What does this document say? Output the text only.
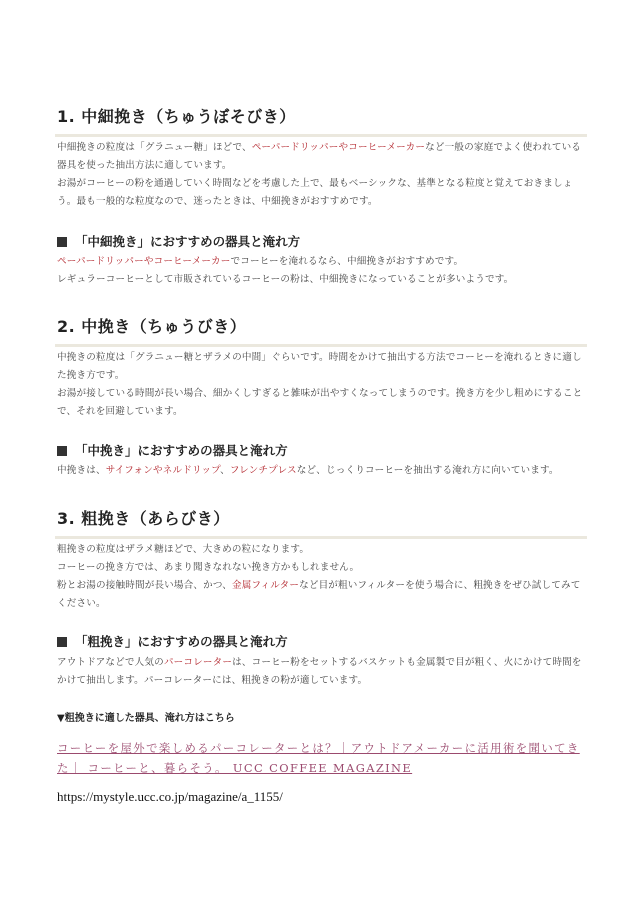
1. 中細挽き（ちゅうぼそびき）
中細挽きの粒度は「グラニュー糖」ほどで、ペーパードリッパーやコーヒーメーカーなど一般の家庭でよく使われている器具を使った抽出方法に適しています。
お湯がコーヒーの粉を通過していく時間などを考慮した上で、最もベーシックな、基準となる粒度と覚えておきましょう。最も一般的な粒度なので、迷ったときは、中細挽きがおすすめです。
「中細挽き」におすすめの器具と淹れ方
ペーパードリッパーやコーヒーメーカーでコーヒーを淹れるなら、中細挽きがおすすめです。
レギュラーコーヒーとして市販されているコーヒーの粉は、中細挽きになっていることが多いようです。
2. 中挽き（ちゅうびき）
中挽きの粒度は「グラニュー糖とザラメの中間」ぐらいです。時間をかけて抽出する方法でコーヒーを淹れるときに適した挽き方です。
お湯が接している時間が長い場合、細かくしすぎると雑味が出やすくなってしまうのです。挽き方を少し粗めにすることで、それを回避しています。
「中挽き」におすすめの器具と淹れ方
中挽きは、サイフォンやネルドリップ、フレンチプレスなど、じっくりコーヒーを抽出する淹れ方に向いています。
3. 粗挽き（あらびき）
粗挽きの粒度はザラメ糖ほどで、大きめの粒になります。
コーヒーの挽き方では、あまり聞きなれない挽き方かもしれません。
粉とお湯の接触時間が長い場合、かつ、金属フィルターなど目が粗いフィルターを使う場合に、粗挽きをぜひ試してみてください。
「粗挽き」におすすめの器具と淹れ方
アウトドアなどで人気のパーコレーターは、コーヒー粉をセットするバスケットも金属製で目が粗く、火にかけて時間をかけて抽出します。パーコレーターには、粗挽きの粉が適しています。
▼粗挽きに適した器具、淹れ方はこちら
コーヒーを屋外で楽しめるパーコレーターとは？｜アウトドアメーカーに活用術を聞いてきた｜ コーヒーと、暮らそう。 UCC COFFEE MAGAZINE
https://mystyle.ucc.co.jp/magazine/a_1155/
